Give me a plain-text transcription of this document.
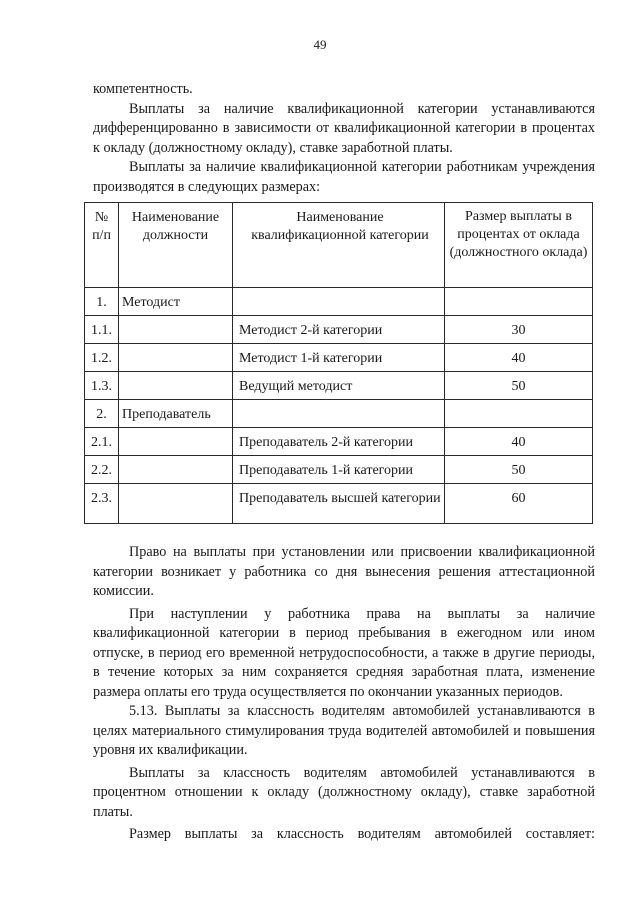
49

компетентность.

Выплаты за наличие квалификационной категории устанавливаются дифференцированно в зависимости от квалификационной категории в процентах к окладу (должностному окладу), ставке заработной платы.

Выплаты за наличие квалификационной категории работникам учреждения производятся в следующих размерах:

№ п/п	Наименование должности	Наименование квалификационной категории	Размер выплаты в процентах от оклада (должностного оклада)
1.	Методист		
1.1.		Методист 2-й категории	30
1.2.		Методист 1-й категории	40
1.3.		Ведущий методист	50
2.	Преподаватель		
2.1.		Преподаватель 2-й категории	40
2.2.		Преподаватель 1-й категории	50
2.3.		Преподаватель высшей категории	60

Право на выплаты при установлении или присвоении квалификационной категории возникает у работника со дня вынесения решения аттестационной комиссии.

При наступлении у работника права на выплаты за наличие квалификационной категории в период пребывания в ежегодном или ином отпуске, в период его временной нетрудоспособности, а также в другие периоды, в течение которых за ним сохраняется средняя заработная плата, изменение размера оплаты его труда осуществляется по окончании указанных периодов.

5.13. Выплаты за классность водителям автомобилей устанавливаются в целях материального стимулирования труда водителей автомобилей и повышения уровня их квалификации.

Выплаты за классность водителям автомобилей устанавливаются в процентном отношении к окладу (должностному окладу), ставке заработной платы.

Размер выплаты за классность водителям автомобилей составляет:
